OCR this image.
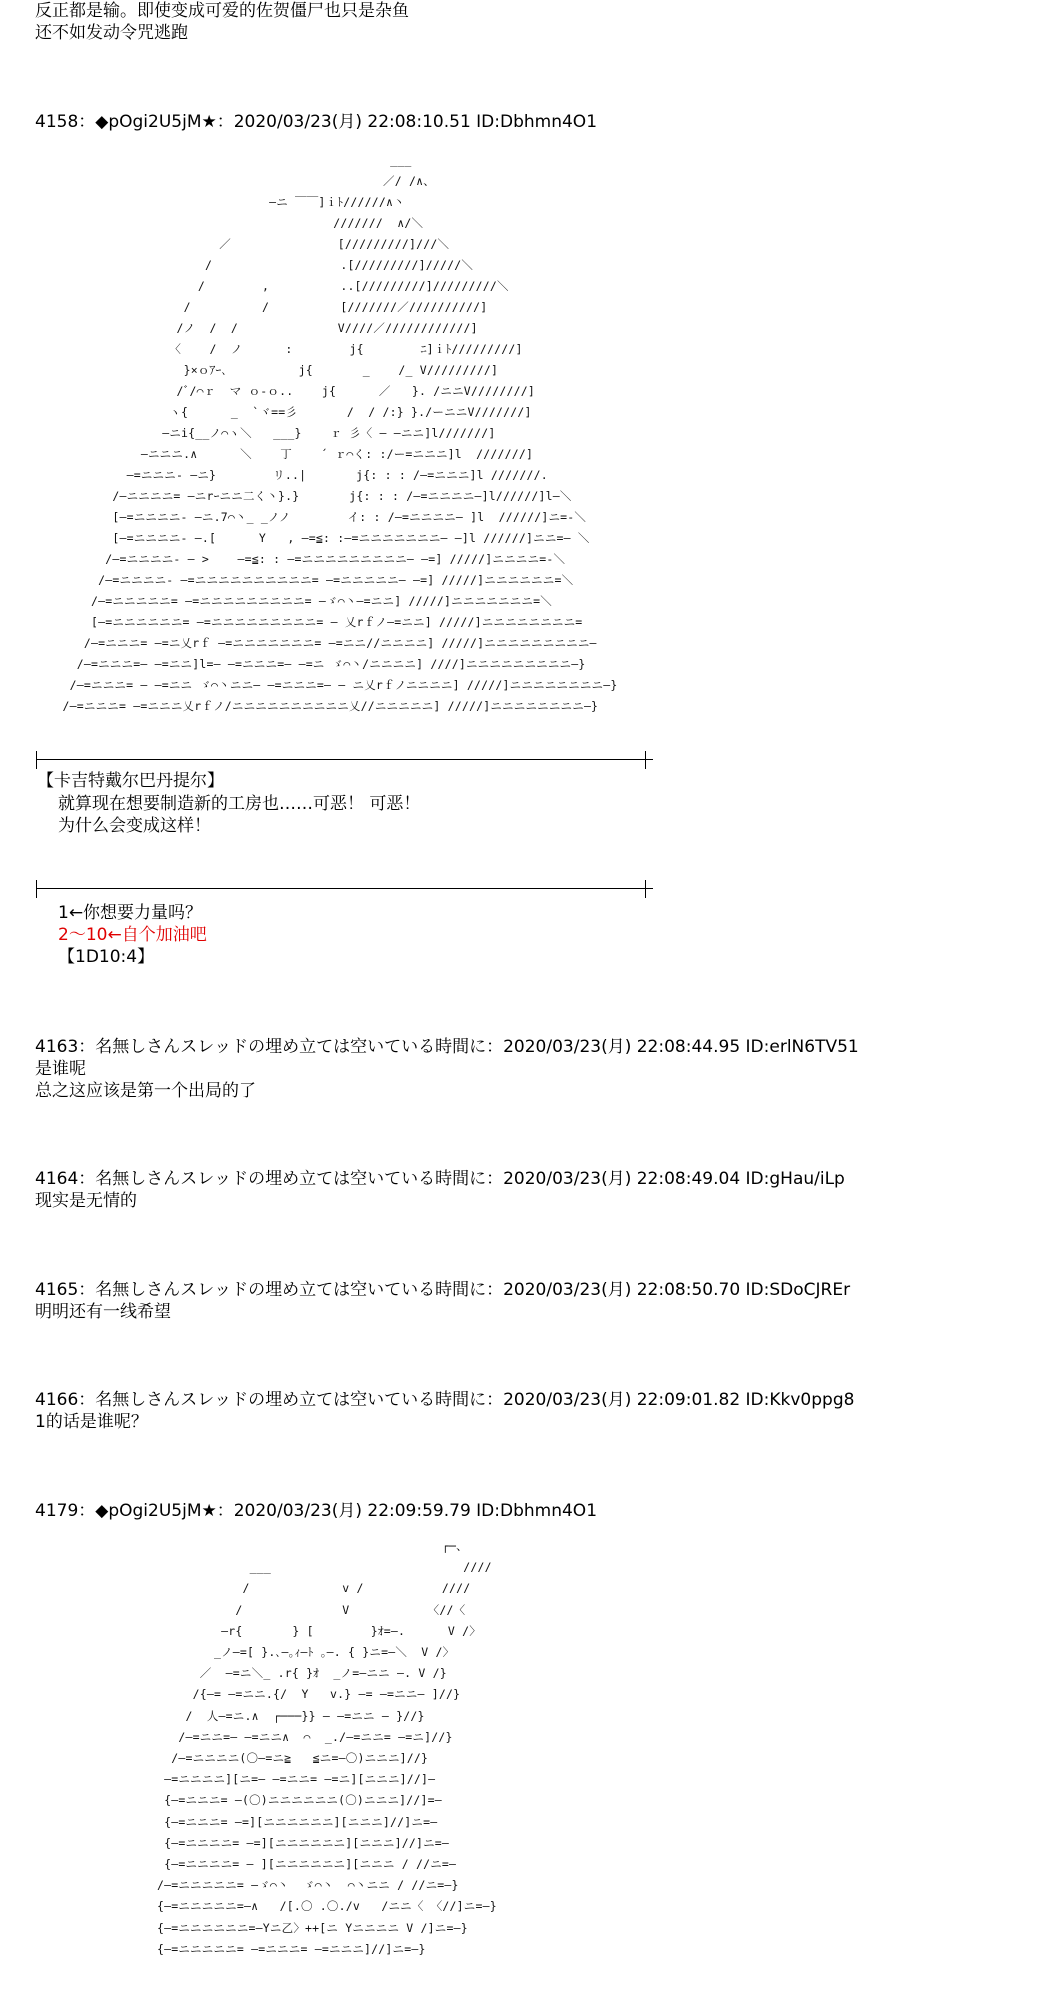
反正都是输。即使变成可爱的佐贺僵尸也只是杂鱼
还不如发动令咒逃跑
4158：◆pOgi2U5jM★：2020/03/23(月) 22:08:10.51 ID:Dbhmn4O1
___
／/ /∧、
‒ニ ￣￣]ｉﾄ//////∧丶
///////  ∧/＼
／               [/////////]///＼
/                  .[/////////]/////＼
/        ,          ..[/////////]/////////＼
/          /          [///////／//////////]
/ノ  /  /              V////／////////////]
〈    /  ノ      :        j{        ﾆ]ｉﾄ/////////]
}×ｏｱｰ､          j{       _    /_ V/////////]
/ﾞ/⌒ｒ  マ ｏ-ｏ..    j{      ／   }. /ニニV////////]
ヽ{      _  `ヾ==彡       /  / /:} }./ーニニV///////]
‒ニi{__ノ⌒ヽ＼   ___}    ｒ 彡〈 ‒ ‒ニニ]l///////]
‒ニニニ.∧      ＼    丁    ´ ｒ⌒く: :/ー=ニニニ]l  ///////]
‒=ニニニ- ‒ニ}        リ..|       j{: : : /‒=ニニニ]l ///////.
/‒ニニニニ= ‒ニrｰニニ二く丶}.}       j{: : : /‒=ニニニニ‒]l//////]l‒＼
[‒=ニニニニ- ‒ニ.7⌒丶_ _ノノ        イ: : /‒=ニニニニ‒ ]l  //////]ニ=-＼
[‒=ニニニニ- ‒.[      Y   , ‒=≦: :‒=ニニニニニニニ‒ ‒]l //////]ニニ=‒ ＼
/‒=ニニニニ- ‒ >    ‒=≦: : ‒=ニニニニニニニニニ‒ ‒=] /////]ニニニニ=-＼
/‒=ニニニニ- ‒=ニニニニニニニニニニ= ‒=ニニニニニ‒ ‒=] /////]ニニニニニニ=＼
/‒=ニニニニニ= ‒=ニニニニニニニニニ= ‒ゞ⌒丶‒=ニニ] /////]ニニニニニニニ=＼
[‒=ニニニニニニ= ‒=ニニニニニニニニニ= ‒ 乂rｆノ‒=ニニ] /////]ニニニニニニニニ=
/‒=ニニニ= ‒=ニ乂rｆ ‒=ニニニニニニニ= ‒=ニニ//ニニニニ] /////]ニニニニニニニニニ‒
/‒=ニニニ=‒ ‒=ニニ]l=‒ ‒=ニニニ=‒ ‒=ニ ゞ⌒丶/ニニニニ] ////]ニニニニニニニニニ‒}
/‒=ニニニ= ‒ ‒=ニニ ゞ⌒丶ニニ‒ ‒=ニニニ=‒ ‒ ニ乂rｆノニニニニ] /////]ニニニニニニニニ‒}
/‒=ニニニ= ‒=ニニニ乂rｆノ/ニニニニニニニニニニ乂//ニニニニニ] /////]ニニニニニニニニ‒}
【卡吉特戴尔巴丹提尔】
就算现在想要制造新的工房也……可恶！ 可恶！
为什么会变成这样！
1←你想要力量吗？
2～10←自个加油吧
【1D10:4】
4163：名無しさんスレッドの埋め立ては空いている時間に：2020/03/23(月) 22:08:44.95 ID:erlN6TV51
是谁呢
总之这应该是第一个出局的了
4164：名無しさんスレッドの埋め立ては空いている時間に：2020/03/23(月) 22:08:49.04 ID:gHau/iLp
现实是无情的
4165：名無しさんスレッドの埋め立ては空いている時間に：2020/03/23(月) 22:08:50.70 ID:SDoCJREr
明明还有一线希望
4166：名無しさんスレッドの埋め立ては空いている時間に：2020/03/23(月) 22:09:01.82 ID:Kkv0ppg8
1的话是谁呢？
4179：◆pOgi2U5jM★：2020/03/23(月) 22:09:59.79 ID:Dbhmn4O1
┌─、
___                           ////
/             v /           ////
/              V           〈//〈
‒r{       } [        }ｵ=‒.      V /〉
_ノ‒=[ }.､‒｡ｨ‒ﾄ ｡‒. { }ニ=‒＼  V /〉
／  ‒=ニ＼_ .r{ }ｵ  _ノ=‒ニニ ‒. V /}
/{‒= ‒=ニニ.{/  Y   v.} ‒= ‒=ニニ‒ ]//}
/  人‒=ニ.∧  ┌───}} ‒ ‒=ニニ ‒ }//}
/‒=ニニ=‒ ‒=ニニ∧  ⌒  _./‒=ニニ= ‒=ニ]//}
/‒=ニニニニ(〇‒=ニ≧   ≦ニ=‒〇)ニニニ]//}
‒=ニニニニ][ニ=‒ ‒=ニニ= ‒=ニ][ニニニ]//]‒
{‒=ニニニ= ‒(〇)ニニニニニニ(〇)ニニニ]//]=‒
{‒=ニニニ= ‒=][ニニニニニニ][ニニニ]//]ニ=‒
{‒=ニニニニ= ‒=][ニニニニニニ][ニニニ]//]ニ=‒
{‒=ニニニニ= ‒ ][ニニニニニニ][ニニニ / //ニ=‒
/‒=ニニニニニ= ‒ゞ⌒丶  ゞ⌒丶  ⌒丶ニニ / //ニ=‒}
{‒=ニニニニニ=‒∧   /[.〇 .〇./v   /ニニ〈 〈//]ニ=‒}
{‒=ニニニニニニ=‒Yニ乙〉++[ニ Yニニニニ V /]ニ=‒}
{‒=ニニニニニ= ‒=ニニニ= ‒=ニニニ]//]ニ=‒}
